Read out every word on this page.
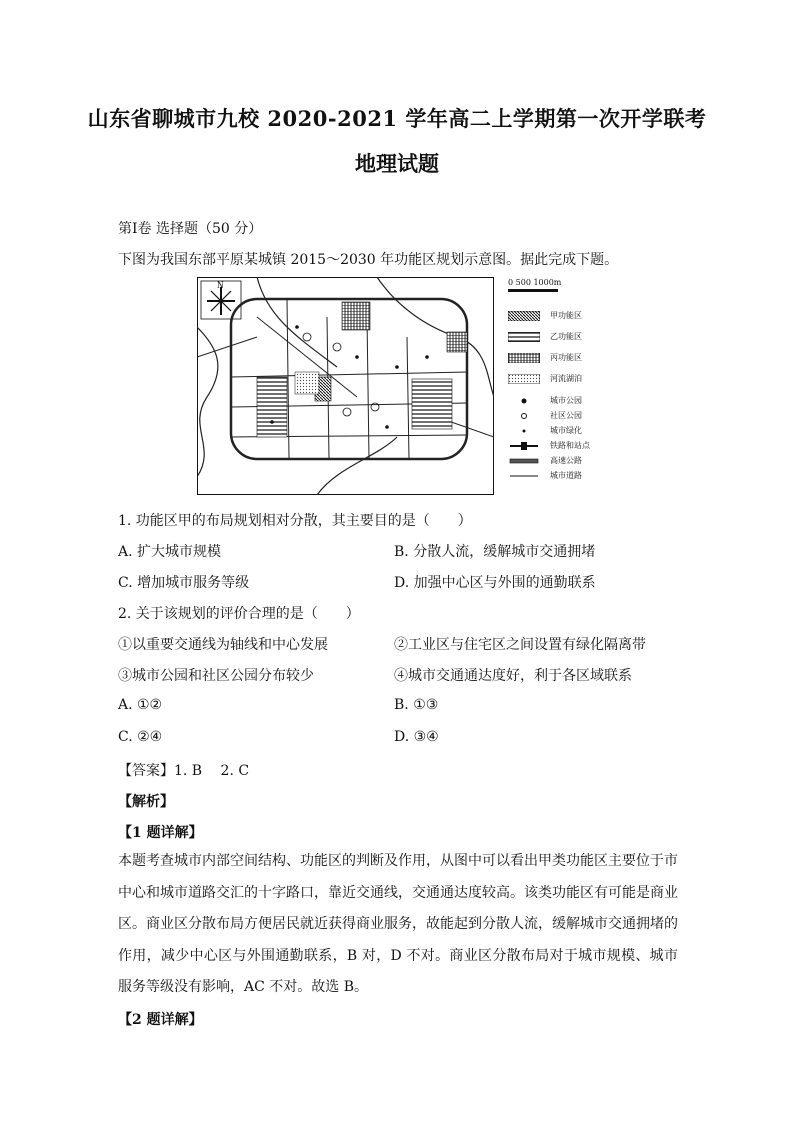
山东省聊城市九校 2020-2021 学年高二上学期第一次开学联考
地理试题
第Ⅰ卷 选择题（50 分）
下图为我国东部平原某城镇 2015～2030 年功能区规划示意图。据此完成下题。
N	0 500 1000m
甲功能区
乙功能区
丙功能区
河流湖泊
城市公园
社区公园
城市绿化
铁路和站点
高速公路
城市道路
1. 功能区甲的布局规划相对分散，其主要目的是（　　）
A. 扩大城市规模	B. 分散人流，缓解城市交通拥堵
C. 增加城市服务等级	D. 加强中心区与外围的通勤联系
2. 关于该规划的评价合理的是（　　）
①以重要交通线为轴线和中心发展	②工业区与住宅区之间设置有绿化隔离带
③城市公园和社区公园分布较少	④城市交通通达度好，利于各区域联系
A. ①②	B. ①③
C. ②④	D. ③④
【答案】1. B　 2. C
【解析】
【1 题详解】
本题考查城市内部空间结构、功能区的判断及作用，从图中可以看出甲类功能区主要位于市中心和城市道路交汇的十字路口，靠近交通线，交通通达度较高。该类功能区有可能是商业区。商业区分散布局方便居民就近获得商业服务，故能起到分散人流，缓解城市交通拥堵的作用，减少中心区与外围通勤联系，B 对，D 不对。商业区分散布局对于城市规模、城市服务等级没有影响，AC 不对。故选 B。
【2 题详解】
